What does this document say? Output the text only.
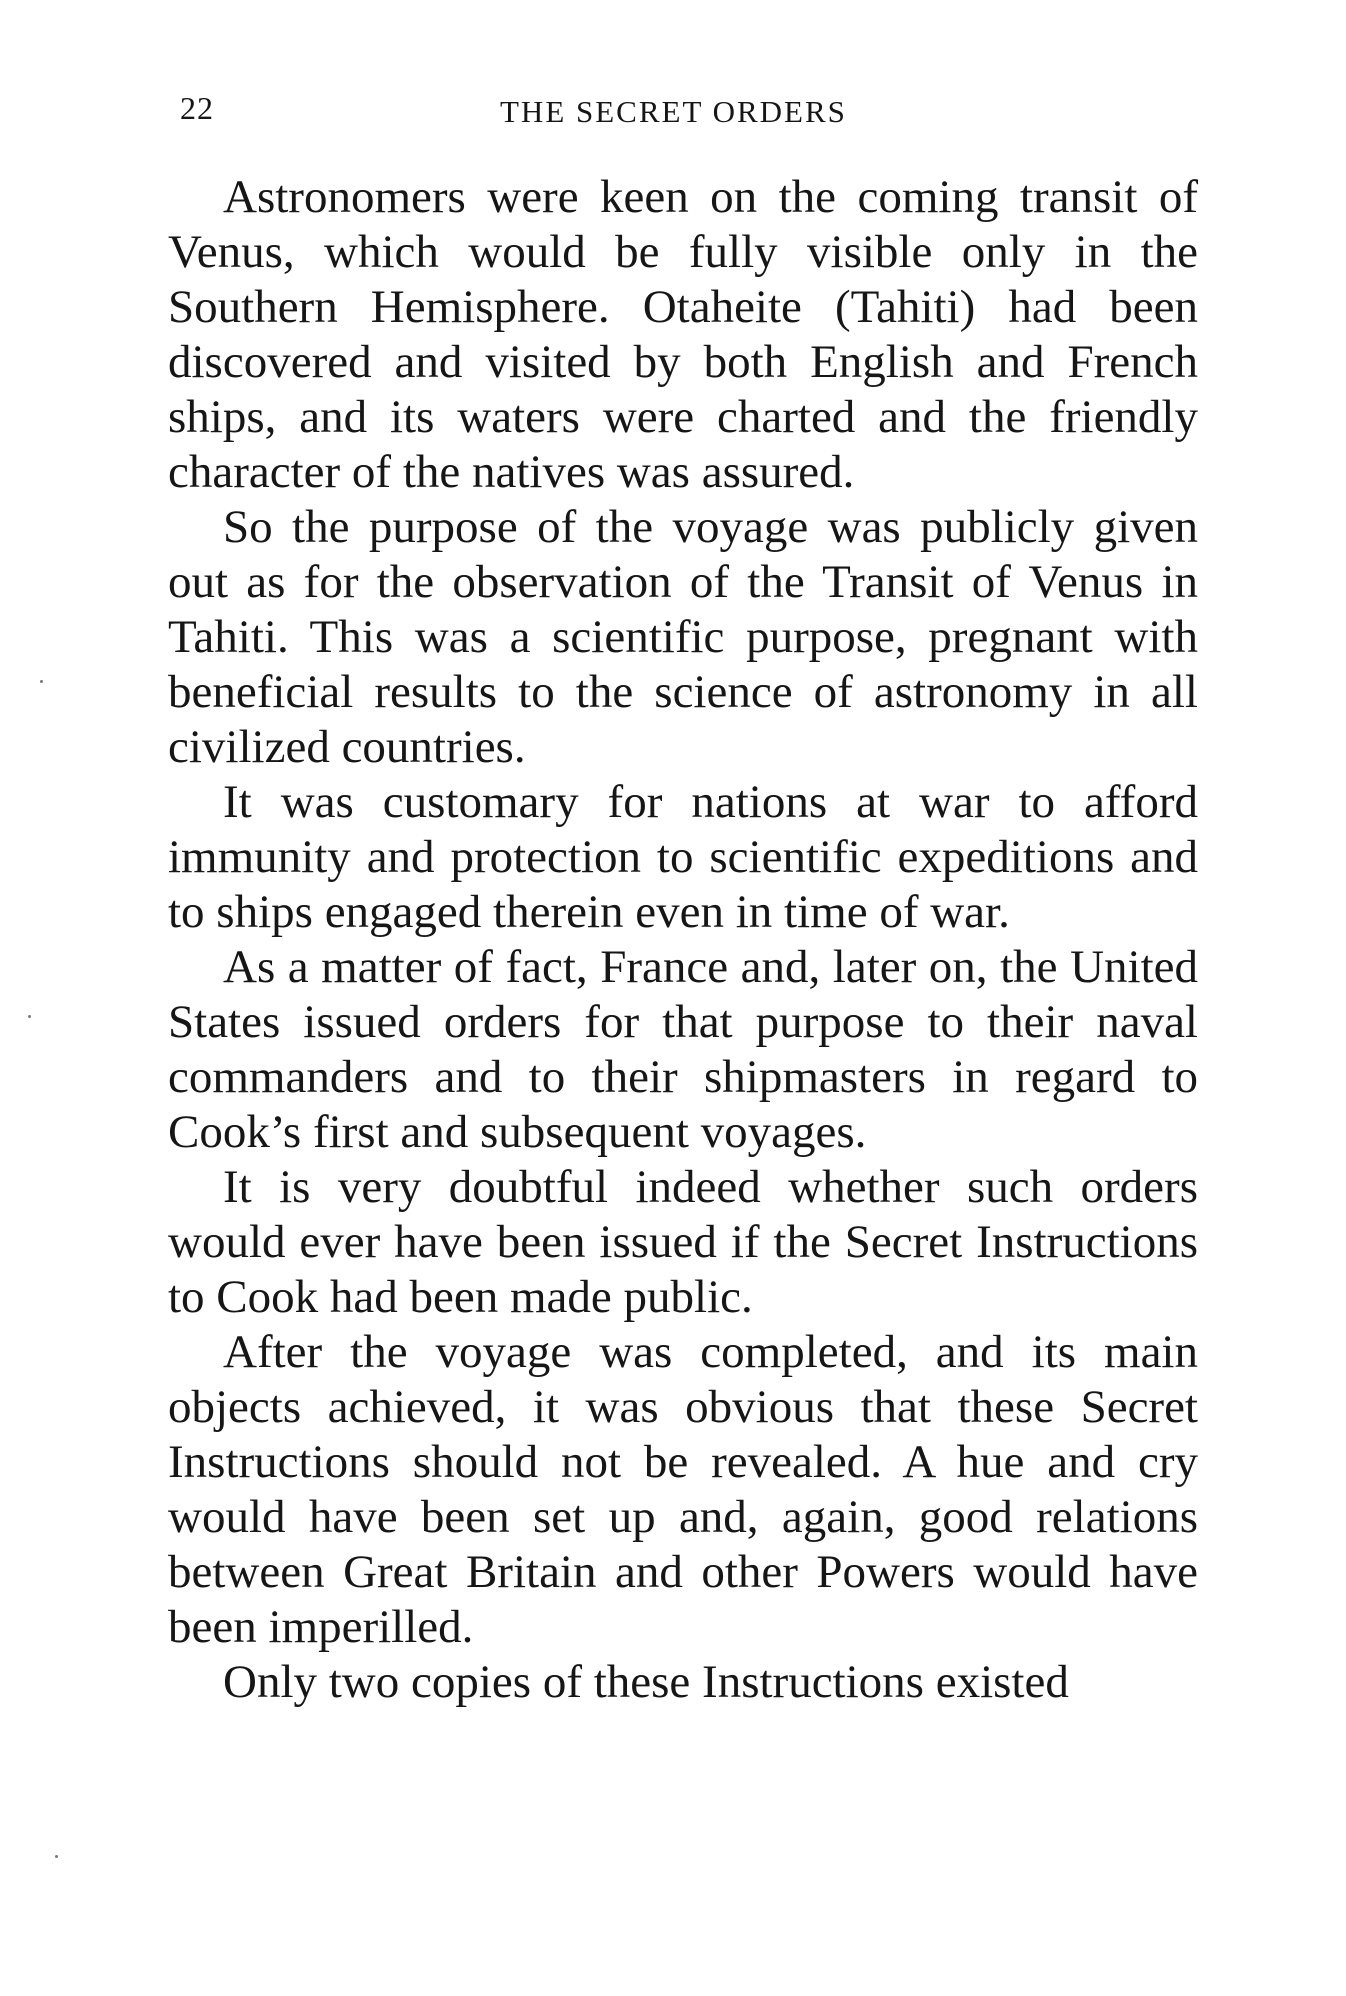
22	THE SECRET ORDERS

Astronomers were keen on the coming transit of Venus, which would be fully visible only in the Southern Hemisphere. Otaheite (Tahiti) had been discovered and visited by both English and French ships, and its waters were charted and the friendly character of the natives was assured.

So the purpose of the voyage was publicly given out as for the observation of the Transit of Venus in Tahiti. This was a scientific purpose, pregnant with beneficial results to the science of astronomy in all civilized countries.

It was customary for nations at war to afford immunity and protection to scientific expeditions and to ships engaged therein even in time of war.

As a matter of fact, France and, later on, the United States issued orders for that purpose to their naval commanders and to their shipmasters in regard to Cook’s first and subsequent voyages.

It is very doubtful indeed whether such orders would ever have been issued if the Secret Instructions to Cook had been made public.

After the voyage was completed, and its main objects achieved, it was obvious that these Secret Instructions should not be revealed. A hue and cry would have been set up and, again, good relations between Great Britain and other Powers would have been imperilled.

Only two copies of these Instructions existed
